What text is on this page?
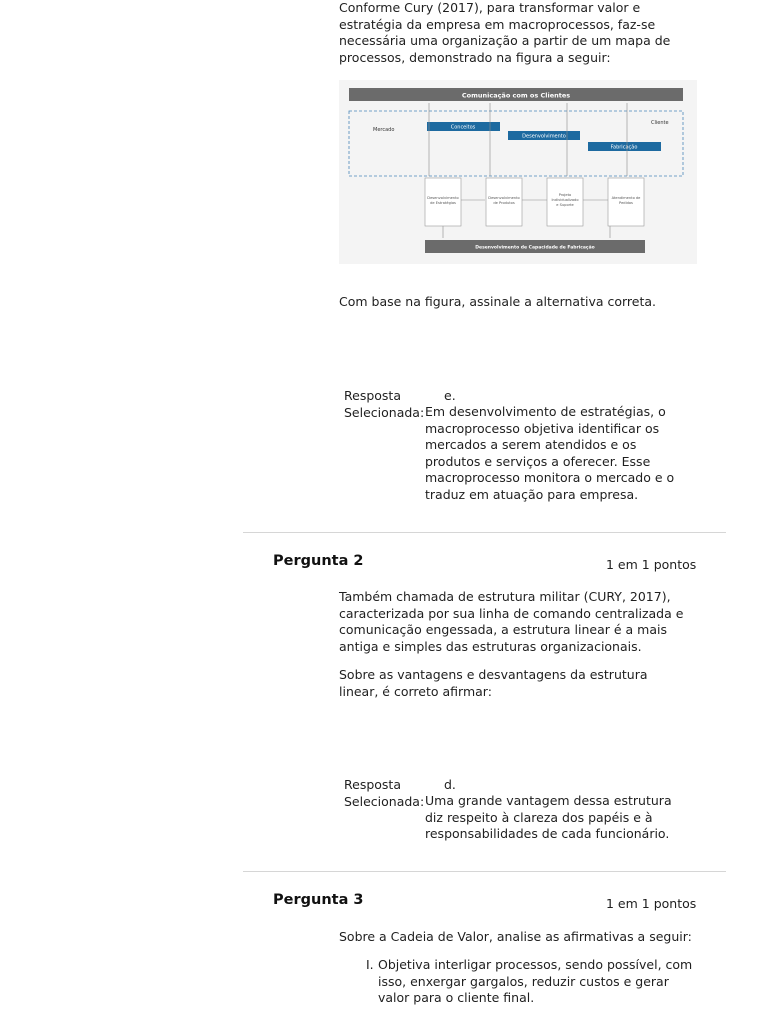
Conforme Cury (2017), para transformar valor e estratégia da empresa em macroprocessos, faz-se necessária uma organização a partir de um mapa de processos, demonstrado na figura a seguir:
Comunicação com os Clientes
Mercado
Cliente
Conceitos
Desenvolvimento
Fabricação
Desenvolvimento
de Estratégias
Desenvolvimento
de Produtos
Projeto
Individualizado
e Suporte
Atendimento de
Pedidos
Desenvolvimento de Capacidade de Fabricação
Com base na figura, assinale a alternativa correta.
Resposta
Selecionada:
e.
Em desenvolvimento de estratégias, o macroprocesso objetiva identificar os mercados a serem atendidos e os produtos e serviços a oferecer. Esse macroprocesso monitora o mercado e o traduz em atuação para empresa.
Pergunta 2	1 em 1 pontos
Também chamada de estrutura militar (CURY, 2017), caracterizada por sua linha de comando centralizada e comunicação engessada, a estrutura linear é a mais antiga e simples das estruturas organizacionais.
Sobre as vantagens e desvantagens da estrutura linear, é correto afirmar:
Resposta
Selecionada:
d.
Uma grande vantagem dessa estrutura diz respeito à clareza dos papéis e à responsabilidades de cada funcionário.
Pergunta 3	1 em 1 pontos
Sobre a Cadeia de Valor, analise as afirmativas a seguir:
I. Objetiva interligar processos, sendo possível, com isso, enxergar gargalos, reduzir custos e gerar valor para o cliente final.
